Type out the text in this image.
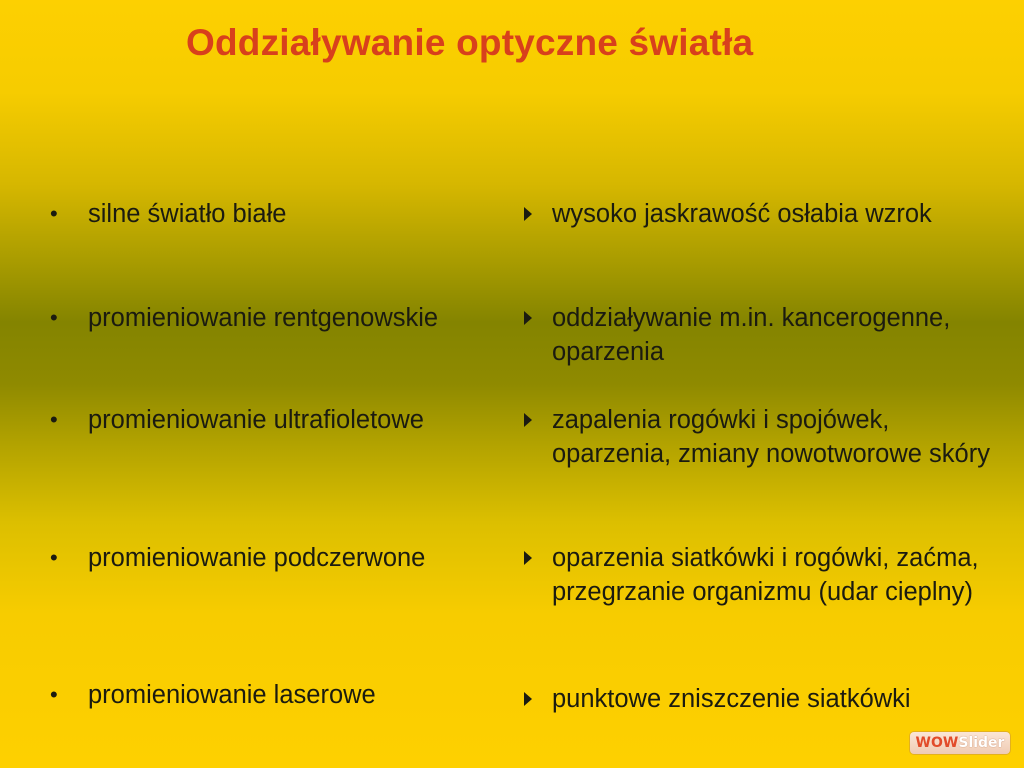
Oddziaływanie optyczne światła
• silne światło białe	wysoko jaskrawość osłabia wzrok
• promieniowanie rentgenowskie	oddziaływanie m.in. kancerogenne, oparzenia
• promieniowanie ultrafioletowe	zapalenia rogówki i spojówek, oparzenia, zmiany nowotworowe skóry
• promieniowanie podczerwone	oparzenia siatkówki i rogówki, zaćma, przegrzanie organizmu (udar cieplny)
• promieniowanie laserowe	punktowe zniszczenie siatkówki
WOWSlider
